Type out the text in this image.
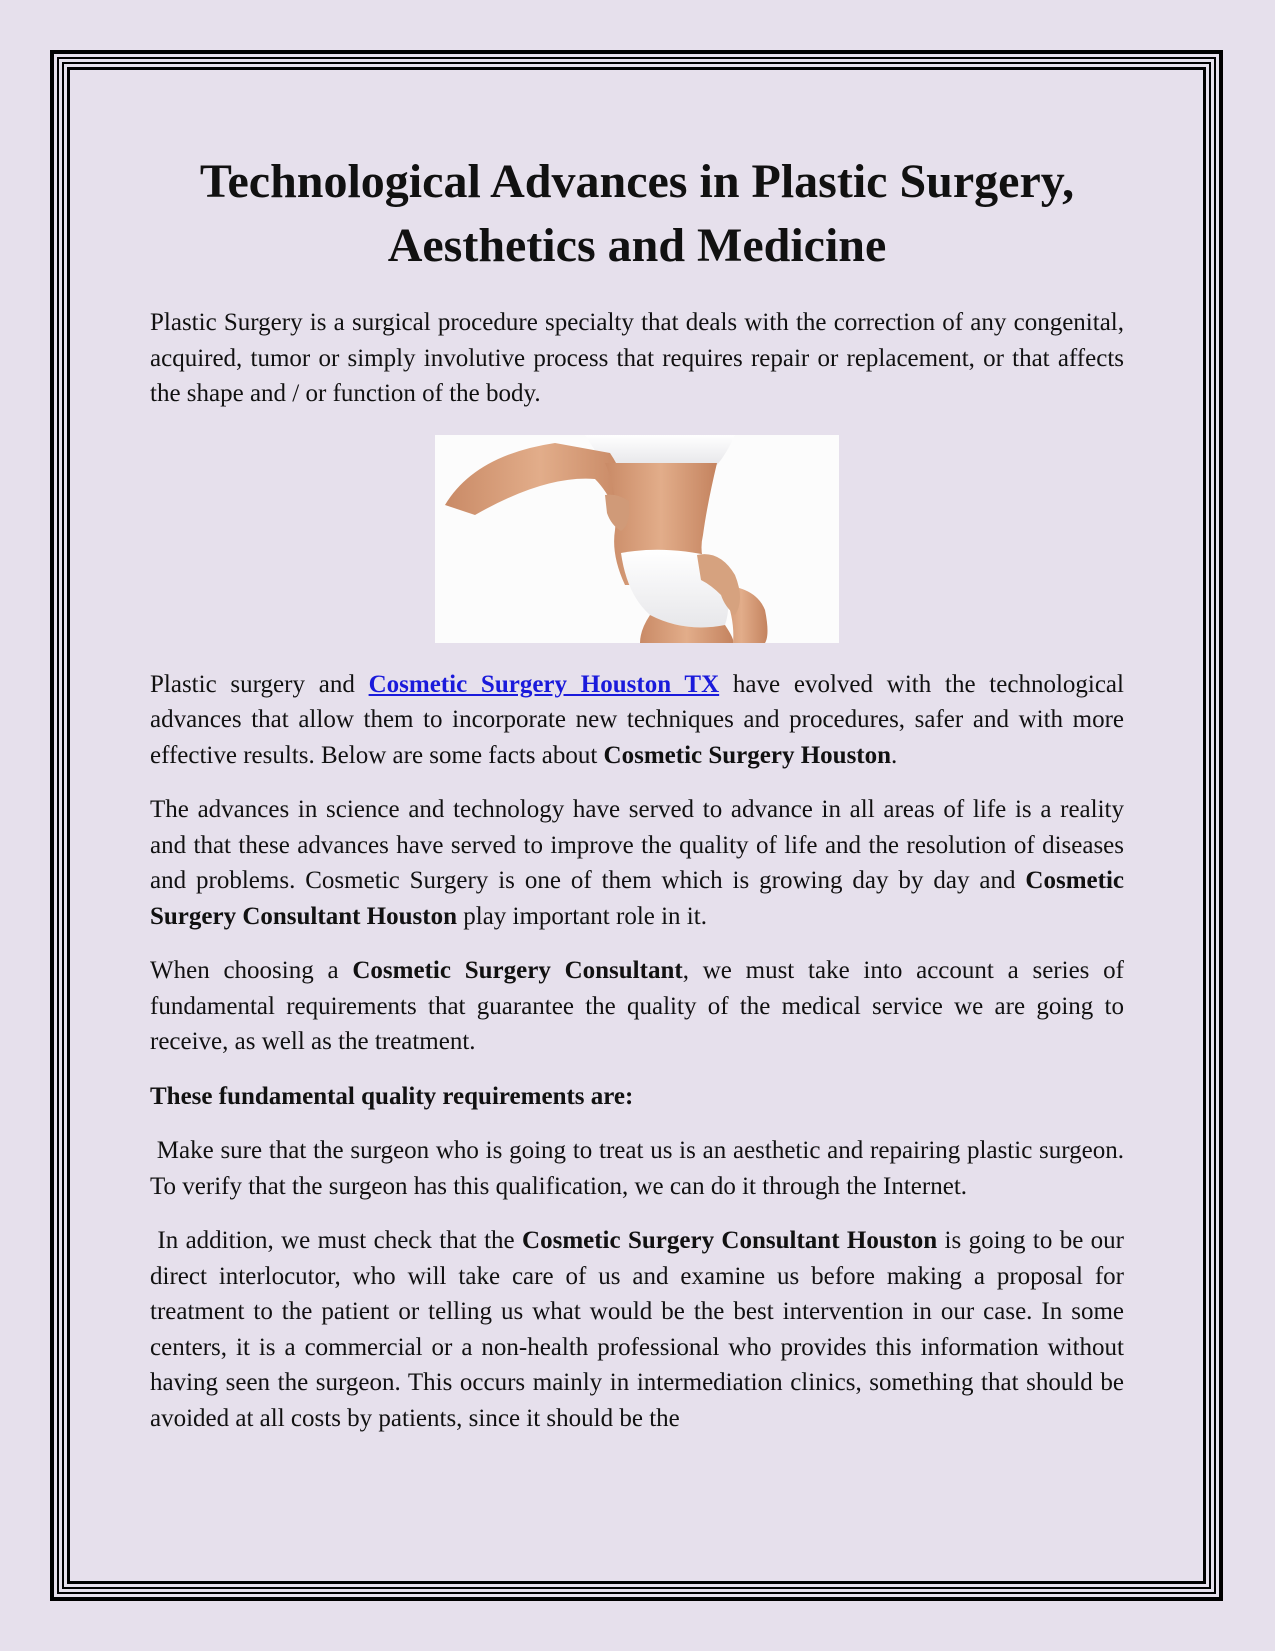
Technological Advances in Plastic Surgery, Aesthetics and Medicine

Plastic Surgery is a surgical procedure specialty that deals with the correction of any congenital, acquired, tumor or simply involutive process that requires repair or replacement, or that affects the shape and / or function of the body.

Plastic surgery and Cosmetic Surgery Houston TX have evolved with the technological advances that allow them to incorporate new techniques and procedures, safer and with more effective results. Below are some facts about Cosmetic Surgery Houston.

The advances in science and technology have served to advance in all areas of life is a reality and that these advances have served to improve the quality of life and the resolution of diseases and problems. Cosmetic Surgery is one of them which is growing day by day and Cosmetic Surgery Consultant Houston play important role in it.

When choosing a Cosmetic Surgery Consultant, we must take into account a series of fundamental requirements that guarantee the quality of the medical service we are going to receive, as well as the treatment.

These fundamental quality requirements are:

Make sure that the surgeon who is going to treat us is an aesthetic and repairing plastic surgeon. To verify that the surgeon has this qualification, we can do it through the Internet.

In addition, we must check that the Cosmetic Surgery Consultant Houston is going to be our direct interlocutor, who will take care of us and examine us before making a proposal for treatment to the patient or telling us what would be the best intervention in our case. In some centers, it is a commercial or a non-health professional who provides this information without having seen the surgeon. This occurs mainly in intermediation clinics, something that should be avoided at all costs by patients, since it should be the
